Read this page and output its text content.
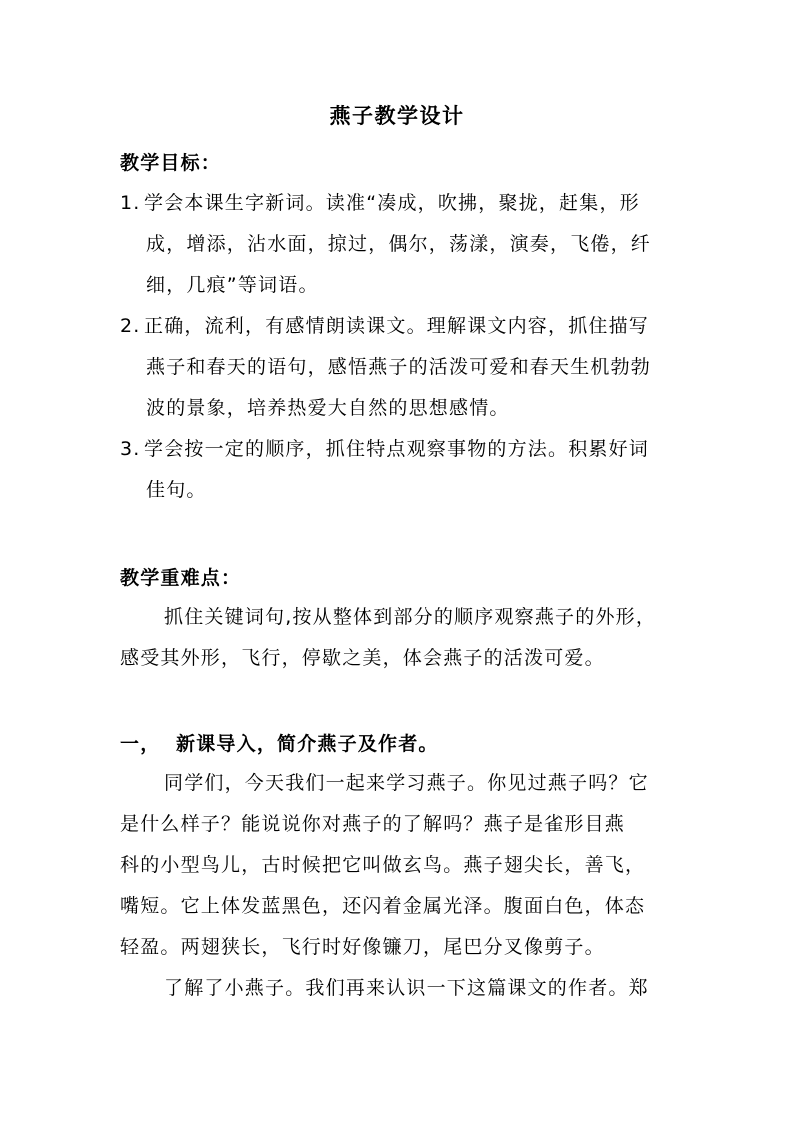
燕子教学设计
教学目标：
1. 学会本课生字新词。读准“凑成，吹拂，聚拢，赶集，形
成，增添，沾水面，掠过，偶尔，荡漾，演奏，飞倦，纤
细，几痕”等词语。
2. 正确，流利，有感情朗读课文。理解课文内容，抓住描写
燕子和春天的语句，感悟燕子的活泼可爱和春天生机勃勃
波的景象，培养热爱大自然的思想感情。
3. 学会按一定的顺序，抓住特点观察事物的方法。积累好词
佳句。
教学重难点：
抓住关键词句,按从整体到部分的顺序观察燕子的外形，
感受其外形，飞行，停歇之美，体会燕子的活泼可爱。
一，  新课导入，简介燕子及作者。
同学们，今天我们一起来学习燕子。你见过燕子吗？它
是什么样子？能说说你对燕子的了解吗？燕子是雀形目燕
科的小型鸟儿，古时候把它叫做玄鸟。燕子翅尖长，善飞，
嘴短。它上体发蓝黑色，还闪着金属光泽。腹面白色，体态
轻盈。两翅狭长，飞行时好像镰刀，尾巴分叉像剪子。
了解了小燕子。我们再来认识一下这篇课文的作者。郑
